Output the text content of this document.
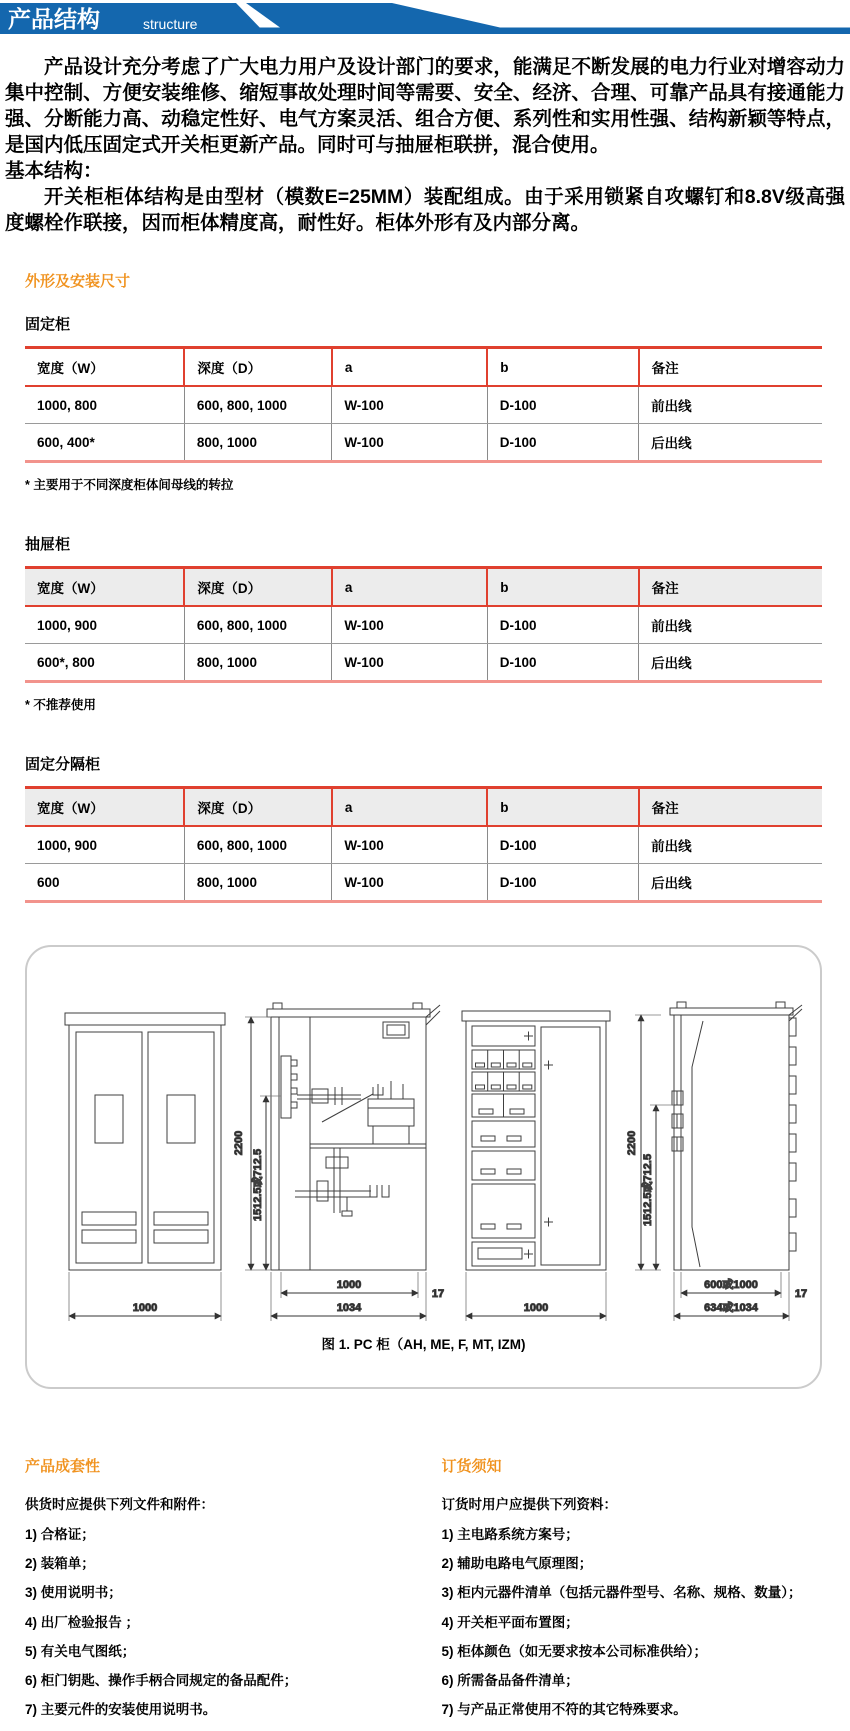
产品结构	structure

产品设计充分考虑了广大电力用户及设计部门的要求，能满足不断发展的电力行业对增容动力集中控制、方便安装维修、缩短事故处理时间等需要、安全、经济、合理、可靠产品具有接通能力强、分断能力高、动稳定性好、电气方案灵活、组合方便、系列性和实用性强、结构新颖等特点，是国内低压固定式开关柜更新产品。同时可与抽屉柜联拼，混合使用。

基本结构：

开关柜柜体结构是由型材（模数E=25MM）装配组成。由于采用锁紧自攻螺钉和8.8V级高强度螺栓作联接，因而柜体精度高，耐性好。柜体外形有及内部分离。

外形及安装尺寸
固定柜
宽度（W）	深度（D）	a	b	备注
1000, 800	600, 800, 1000	W-100	D-100	前出线
600, 400*	800, 1000	W-100	D-100	后出线
* 主要用于不同深度柜体间母线的转拉
抽屉柜
宽度（W）	深度（D）	a	b	备注
1000, 900	600, 800, 1000	W-100	D-100	前出线
600*, 800	800, 1000	W-100	D-100	后出线
* 不推荐使用
固定分隔柜
宽度（W）	深度（D）	a	b	备注
1000, 900	600, 800, 1000	W-100	D-100	前出线
600	800, 1000	W-100	D-100	后出线
1000
2200
1512.5或712.5
1000
1034
17
1000
2200
1512.5或712.5
600或1000
634或1034
17
图 1. PC 柜（AH, ME, F, MT, IZM)
产品成套性
供货时应提供下列文件和附件：
1) 合格证；
2) 装箱单；
3) 使用说明书；
4) 出厂检验报告 ；
5) 有关电气图纸；
6) 柜门钥匙、操作手柄合同规定的备品配件；
7) 主要元件的安装使用说明书。
订货须知
订货时用户应提供下列资料：
1) 主电路系统方案号；
2) 辅助电路电气原理图；
3) 柜内元器件清单（包括元器件型号、名称、规格、数量）；
4) 开关柜平面布置图；
5) 柜体颜色（如无要求按本公司标准供给）；
6) 所需备品备件清单；
7) 与产品正常使用不符的其它特殊要求。
